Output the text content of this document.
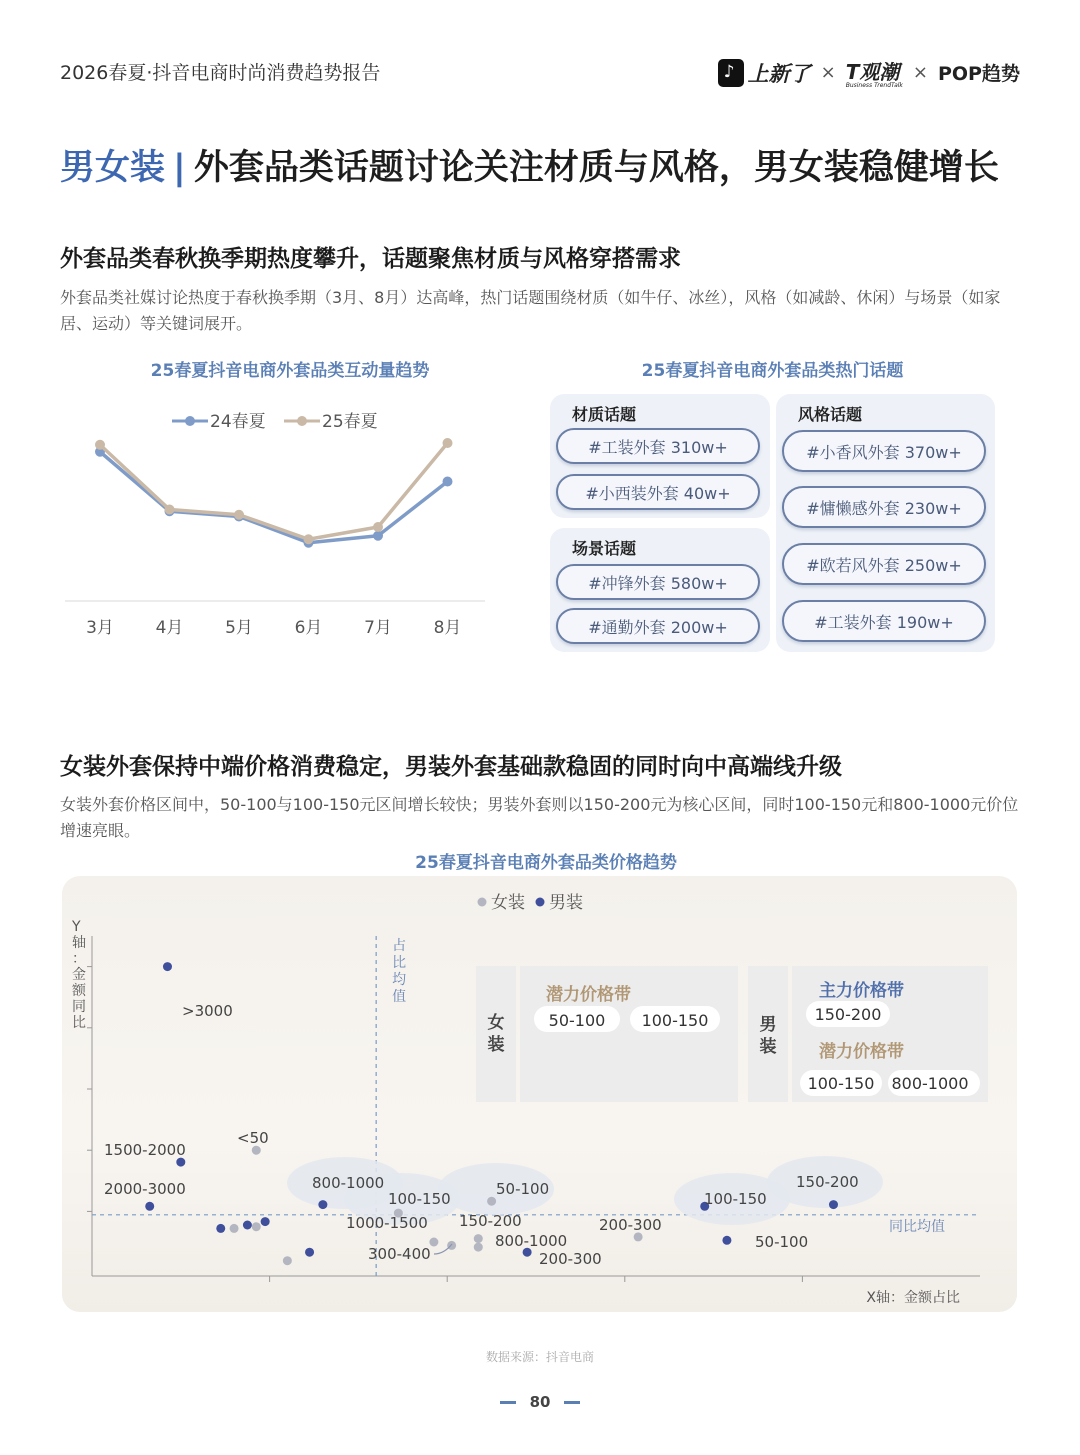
2026春夏·抖音电商时尚消费趋势报告 ♪	上新了 × T观潮
Business TrendTalk
× POP趋势
男女装 | 外套品类话题讨论关注材质与风格，男女装稳健增长
外套品类春秋换季期热度攀升，话题聚焦材质与风格穿搭需求
外套品类社媒讨论热度于春秋换季期（3月、8月）达高峰，热门话题围绕材质（如牛仔、冰丝），风格（如减龄、休闲）与场景（如家居、运动）等关键词展开。
25春夏抖音电商外套品类互动量趋势
24春夏	25春夏
3月 4月 5月 6月 7月 8月
25春夏抖音电商外套品类热门话题
材质话题
#工装外套 310w+
#小西装外套 40w+
场景话题
#冲锋外套 580w+
#通勤外套 200w+
风格话题
#小香风外套 370w+
#慵懒感外套 230w+
#欧若风外套 250w+
#工装外套 190w+
女装外套保持中端价格消费稳定，男装外套基础款稳固的同时向中高端线升级
女装外套价格区间中，50-100与100-150元区间增长较快；男装外套则以150-200元为核心区间，同时100-150元和800-1000元价位增速亮眼。
25春夏抖音电商外套品类价格趋势
女装 男装
Y 轴：金额同比
X轴：金额占比
占比均值
同比均值
女装
男装
潜力价格带
50-100 100-150
主力价格带
150-200
潜力价格带
100-150 800-1000
>3000
<50
1500-2000
2000-3000	800-1000
100-150
1000-1500
300-400
50-100
150-200
800-1000
200-300
200-300
100-150
50-100
150-200
数据来源：抖音电商
80
